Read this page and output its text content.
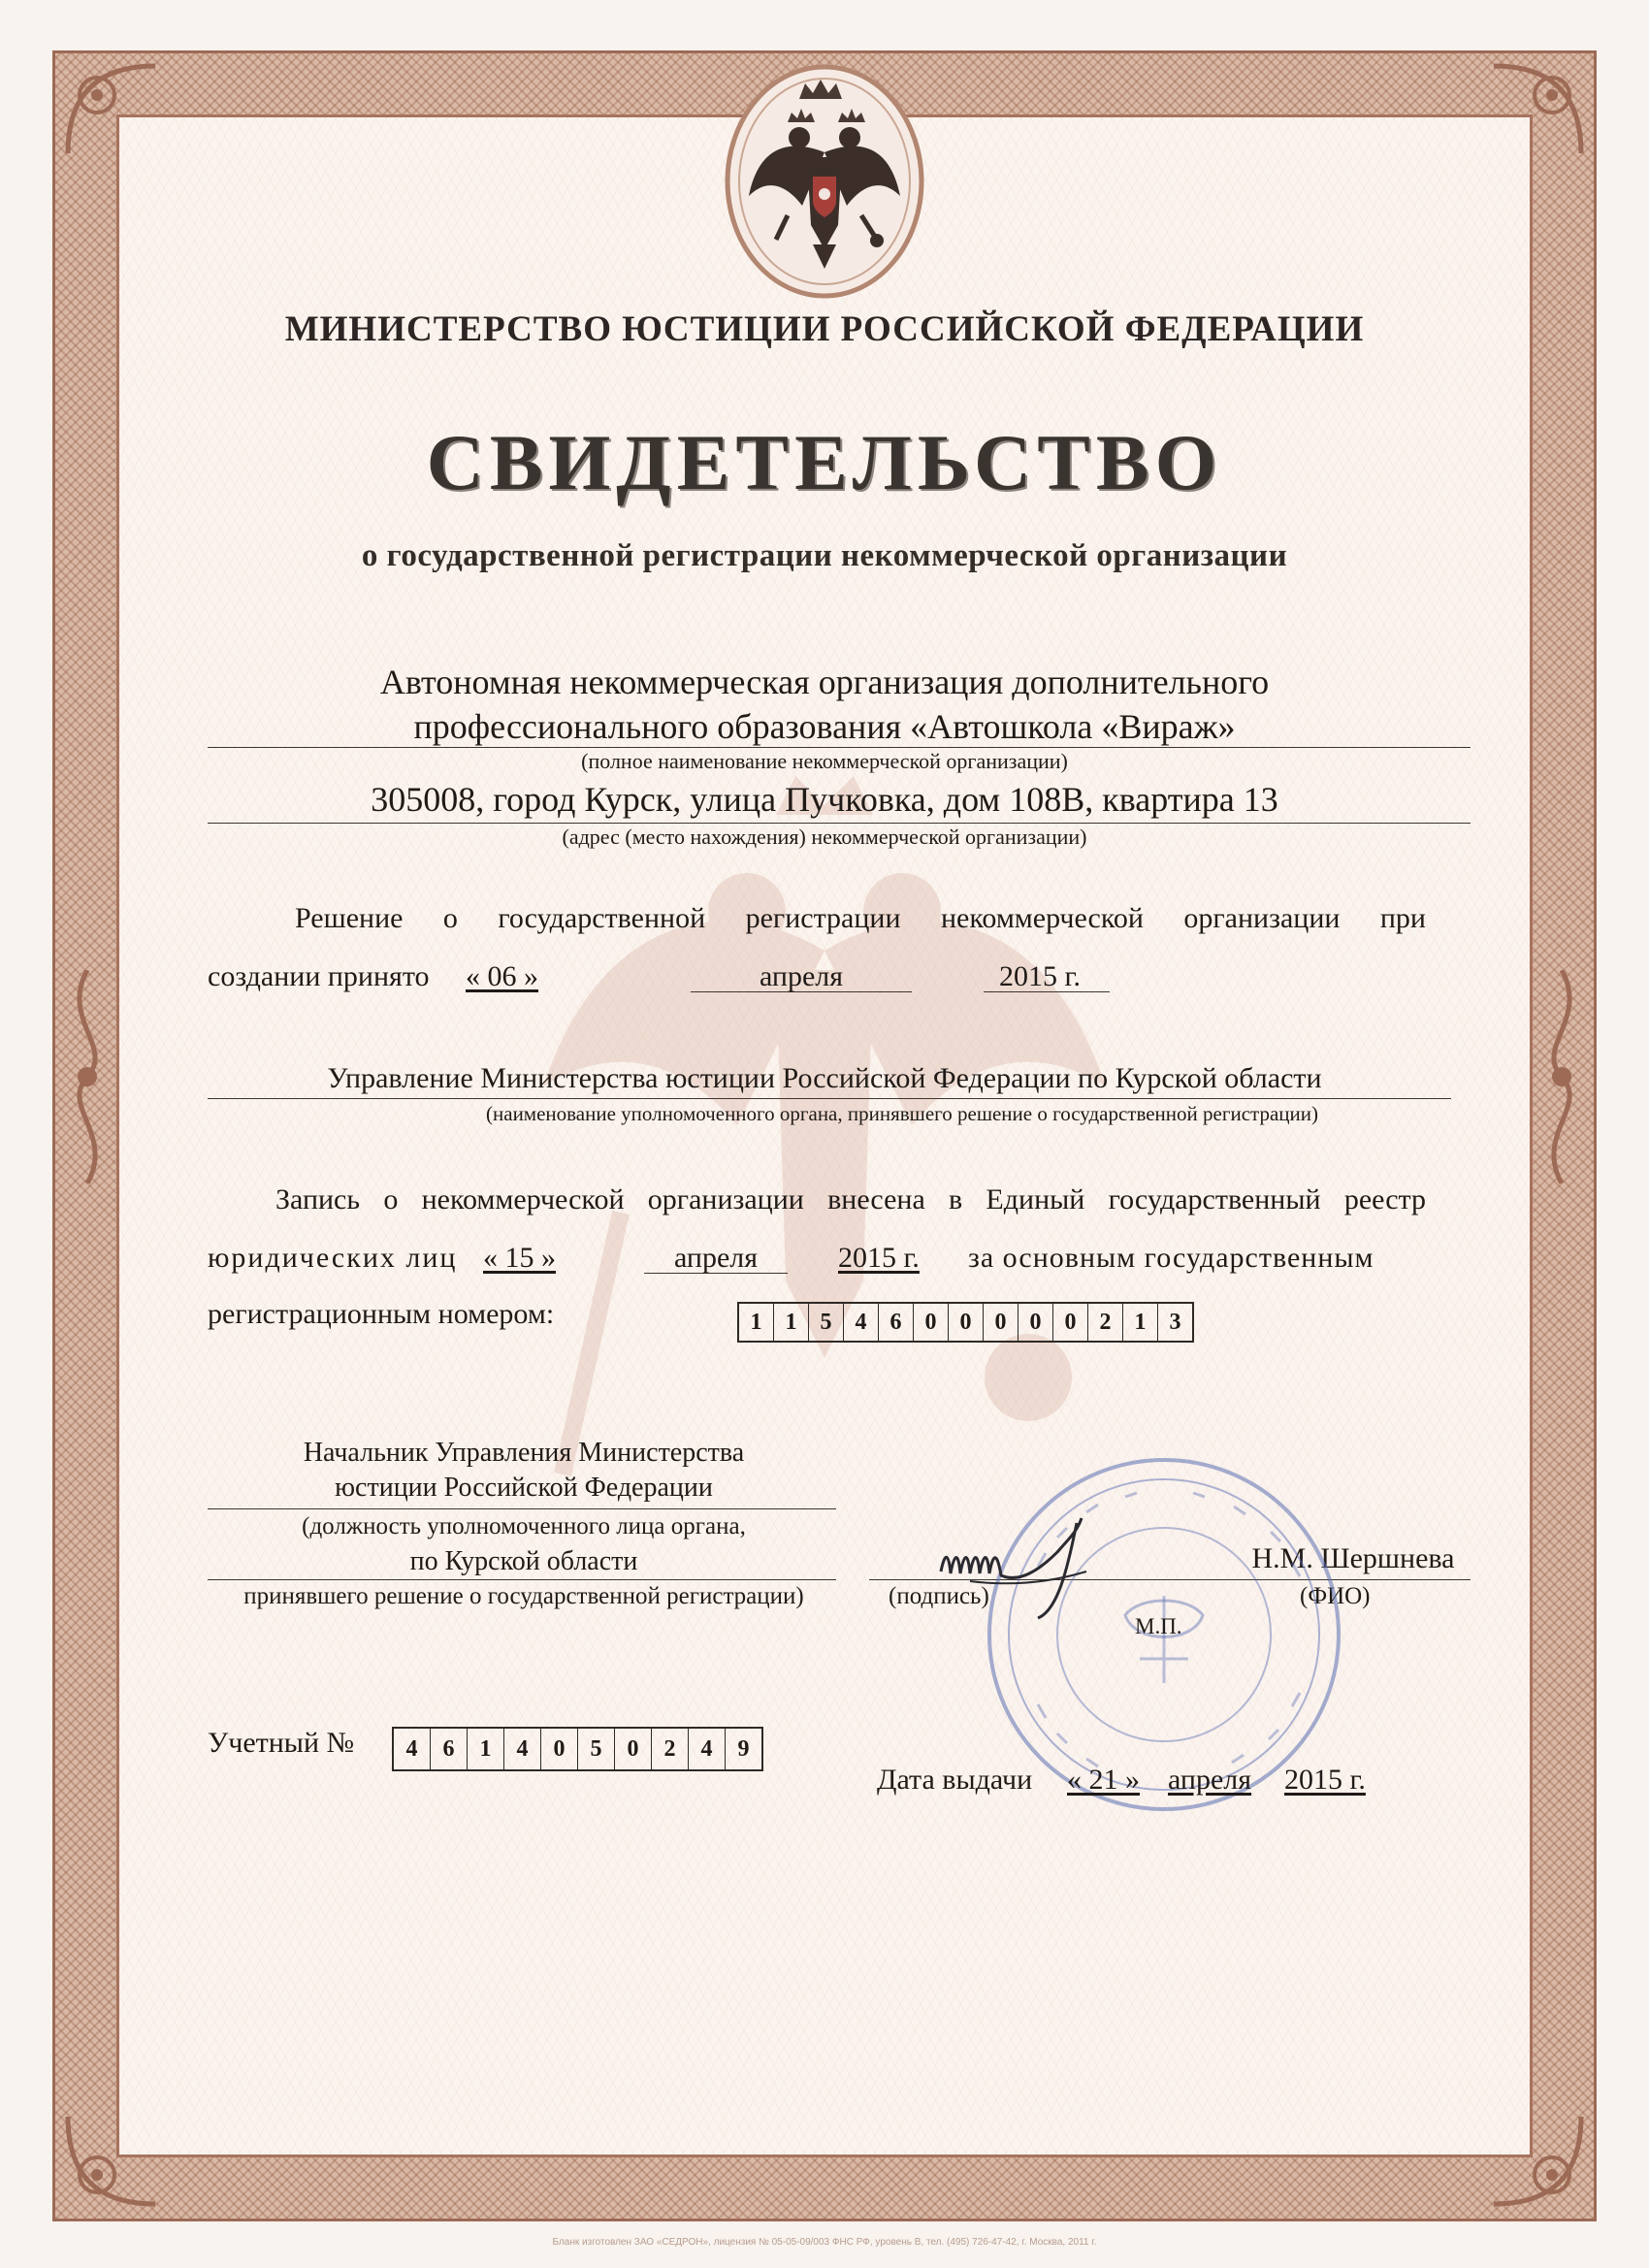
МИНИСТЕРСТВО ЮСТИЦИИ РОССИЙСКОЙ ФЕДЕРАЦИИ
СВИДЕТЕЛЬСТВО
о государственной регистрации некоммерческой организации
Автономная некоммерческая организация дополнительного
профессионального образования «Автошкола «Вираж»
(полное наименование некоммерческой организации)
305008, город Курск, улица Пучковка, дом 108В, квартира 13
(адрес (место нахождения) некоммерческой организации)
Решение о государственной регистрации некоммерческой организации при
создании принято « 06 »	апреля	2015 г.
Управление Министерства юстиции Российской Федерации по Курской области
(наименование уполномоченного органа, принявшего решение о государственной регистрации)
Запись о некоммерческой организации внесена в Единый государственный реестр
юридических лиц « 15 »	апреля	2015 г. за основным государственным
регистрационным номером:	1	1	5	4	6	0	0	0	0	0	2	1	3
Начальник Управления Министерства
юстиции Российской Федерации
(должность уполномоченного лица органа,
по Курской области
принявшего решение о государственной регистрации)	(подпись)
Н.М. Шершнева
(ФИО)
М.П.
Учетный №	4	6	1	4	0	5	0	2	4	9
Дата выдачи « 21 » апреля 2015 г.
Бланк изготовлен ЗАО «СЕДРОН», лицензия № 05-05-09/003 ФНС РФ, уровень В, тел. (495) 726-47-42, г. Москва, 2011 г.
